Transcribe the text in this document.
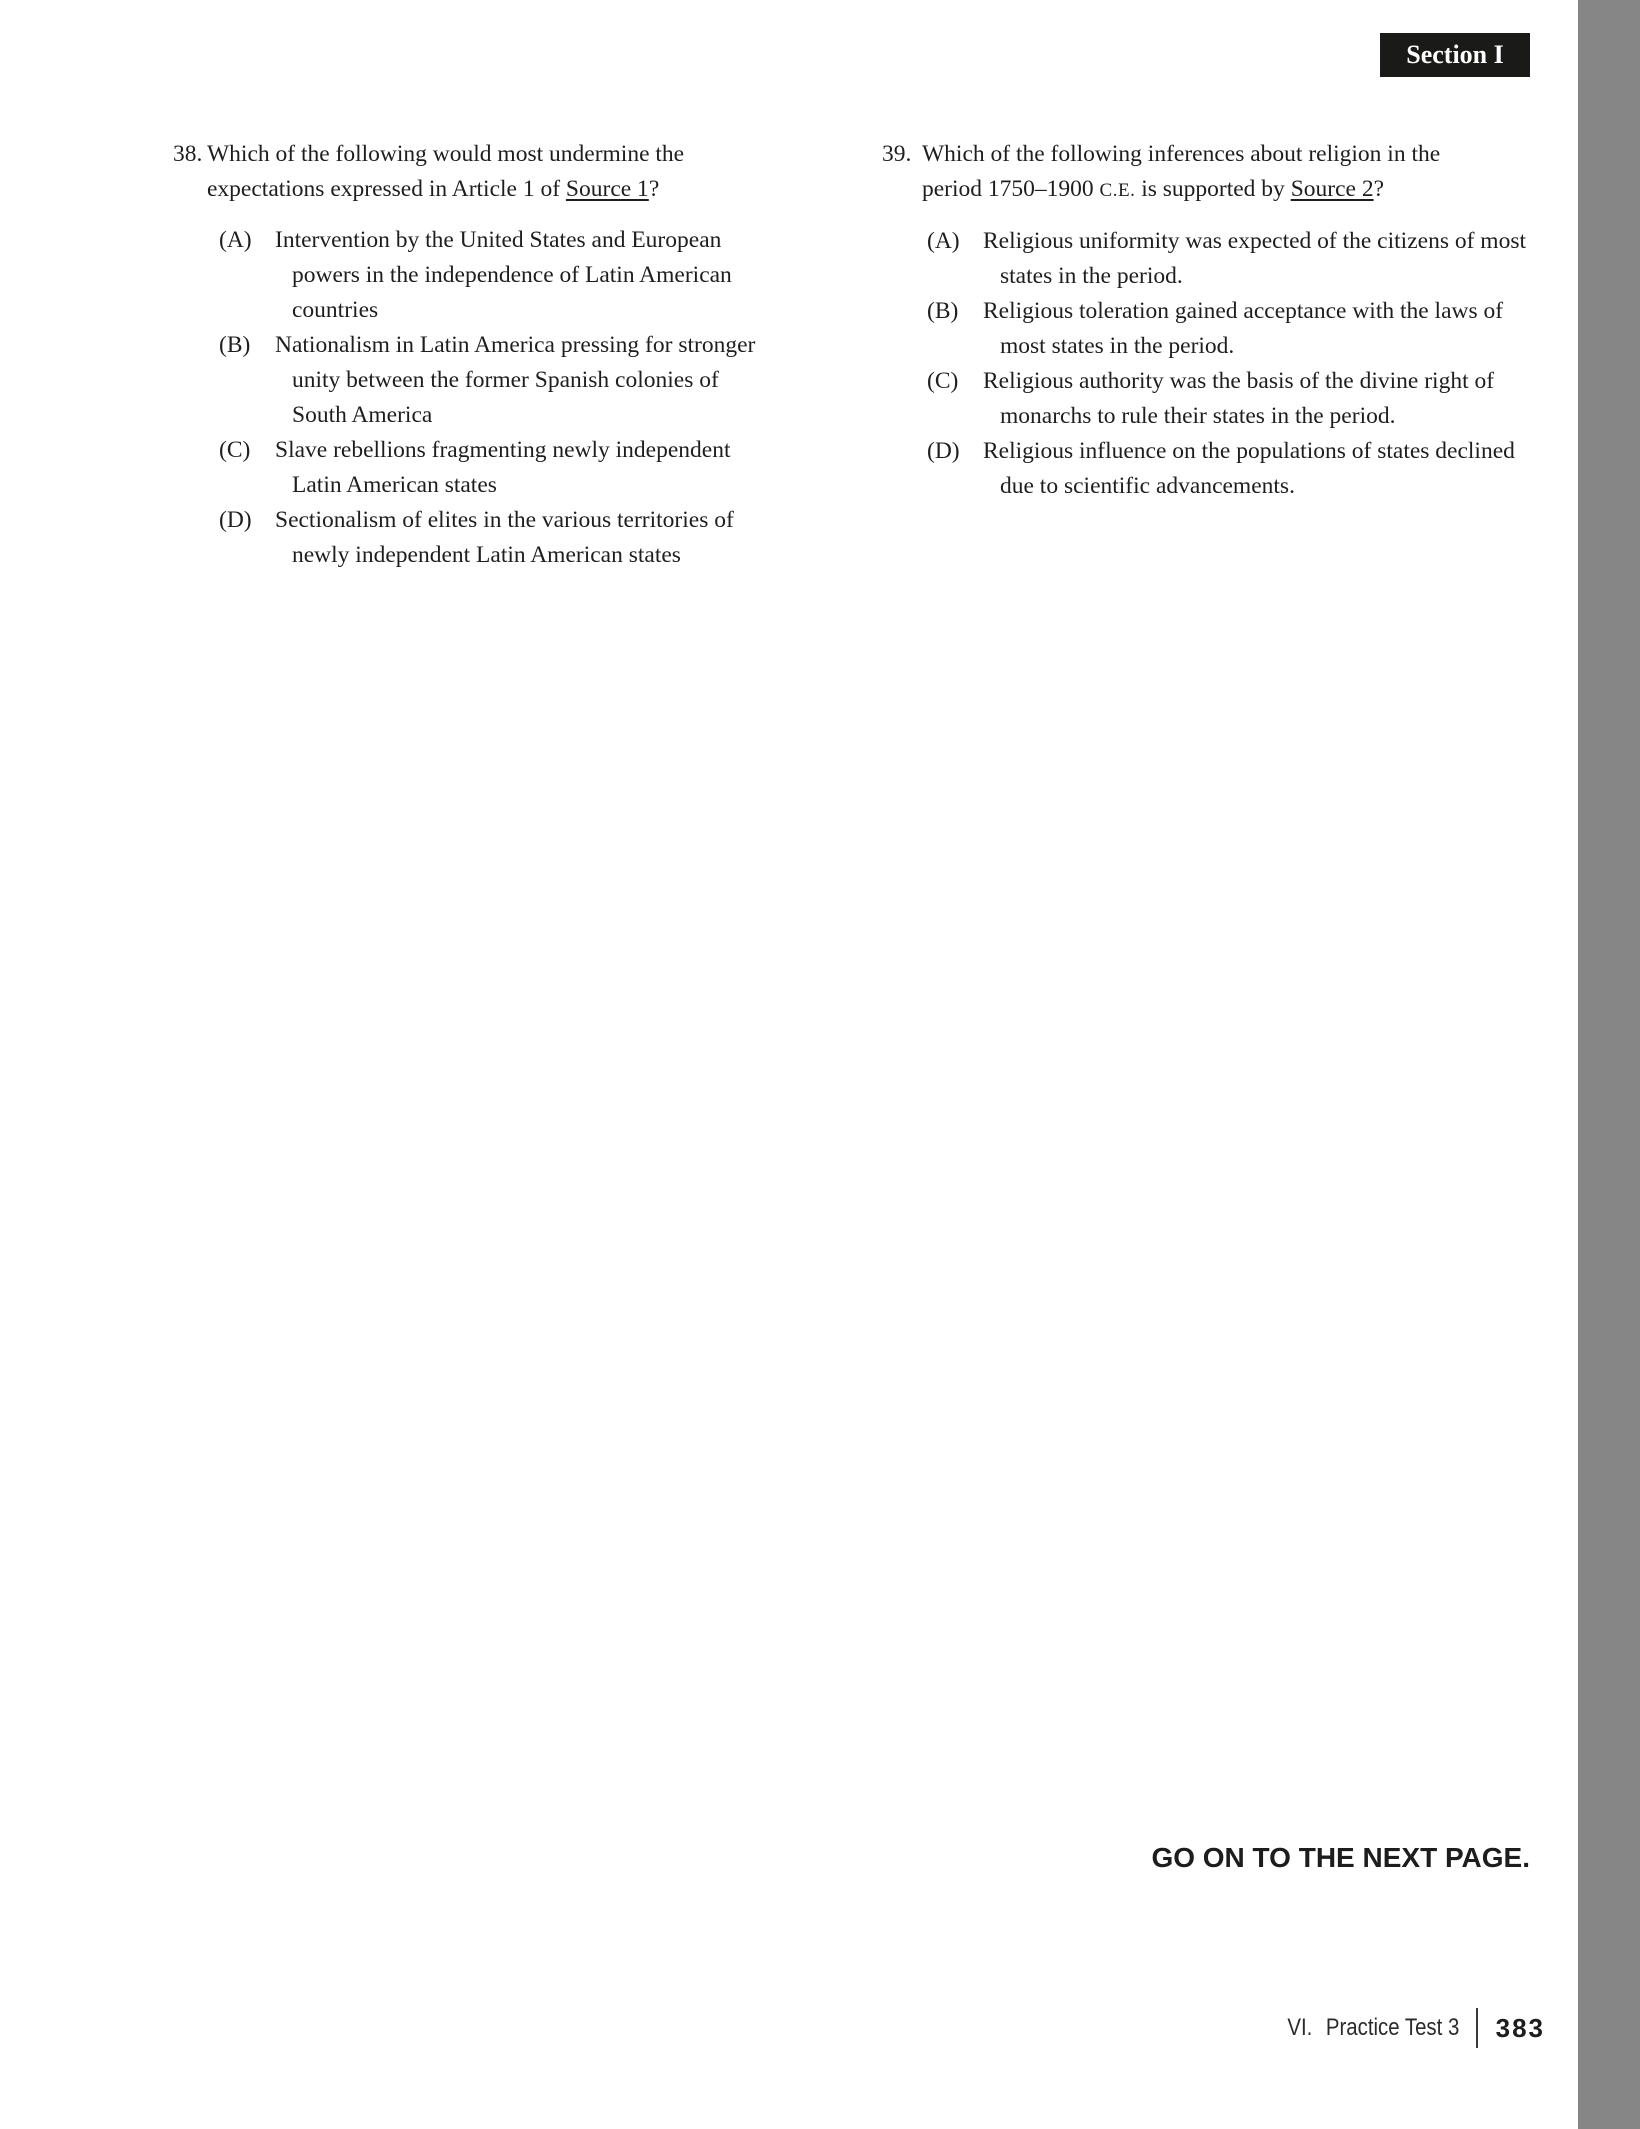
Section I
38. Which of the following would most undermine the expectations expressed in Article 1 of Source 1?

(A) Intervention by the United States and European powers in the independence of Latin American countries
(B)	Nationalism in Latin America pressing for stronger unity between the former Spanish colonies of South America
(C)	Slave rebellions fragmenting newly independent Latin American states
(D) Sectionalism of elites in the various territories of newly independent Latin American states
39. Which of the following inferences about religion in the period 1750–1900 C.E. is supported by Source 2?

(A) Religious uniformity was expected of the citizens of most states in the period.
(B)	Religious toleration gained acceptance with the laws of most states in the period.
(C)	Religious authority was the basis of the divine right of monarchs to rule their states in the period.
(D) Religious influence on the populations of states declined due to scientific advancements.
GO ON TO THE NEXT PAGE.
VI. Practice Test 3 383
